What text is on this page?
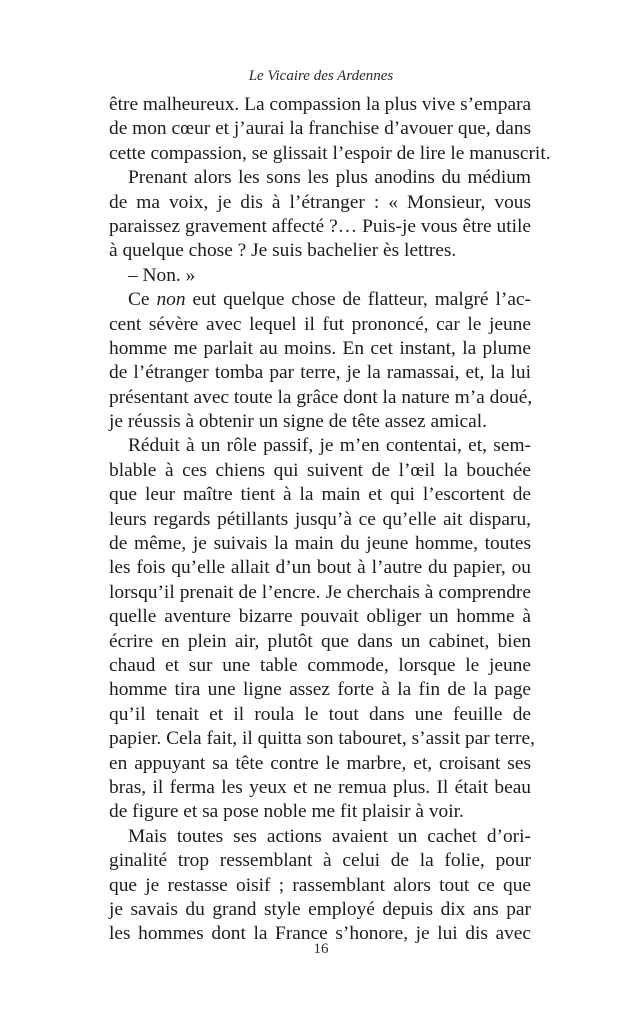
Le Vicaire des Ardennes
être malheureux. La compassion la plus vive s’empara
de mon cœur et j’aurai la franchise d’avouer que, dans
cette compassion, se glissait l’espoir de lire le manuscrit.
Prenant alors les sons les plus anodins du médium
de ma voix, je dis à l’étranger : « Monsieur, vous
paraissez gravement affecté ?… Puis-je vous être utile
à quelque chose ? Je suis bachelier ès lettres.
– Non. »
Ce non eut quelque chose de flatteur, malgré l’ac-
cent sévère avec lequel il fut prononcé, car le jeune
homme me parlait au moins. En cet instant, la plume
de l’étranger tomba par terre, je la ramassai, et, la lui
présentant avec toute la grâce dont la nature m’a doué,
je réussis à obtenir un signe de tête assez amical.
Réduit à un rôle passif, je m’en contentai, et, sem-
blable à ces chiens qui suivent de l’œil la bouchée
que leur maître tient à la main et qui l’escortent de
leurs regards pétillants jusqu’à ce qu’elle ait disparu,
de même, je suivais la main du jeune homme, toutes
les fois qu’elle allait d’un bout à l’autre du papier, ou
lorsqu’il prenait de l’encre. Je cherchais à comprendre
quelle aventure bizarre pouvait obliger un homme à
écrire en plein air, plutôt que dans un cabinet, bien
chaud et sur une table commode, lorsque le jeune
homme tira une ligne assez forte à la fin de la page
qu’il tenait et il roula le tout dans une feuille de
papier. Cela fait, il quitta son tabouret, s’assit par terre,
en appuyant sa tête contre le marbre, et, croisant ses
bras, il ferma les yeux et ne remua plus. Il était beau
de figure et sa pose noble me fit plaisir à voir.
Mais toutes ses actions avaient un cachet d’ori-
ginalité trop ressemblant à celui de la folie, pour
que je restasse oisif ; rassemblant alors tout ce que
je savais du grand style employé depuis dix ans par
les hommes dont la France s’honore, je lui dis avec
16
